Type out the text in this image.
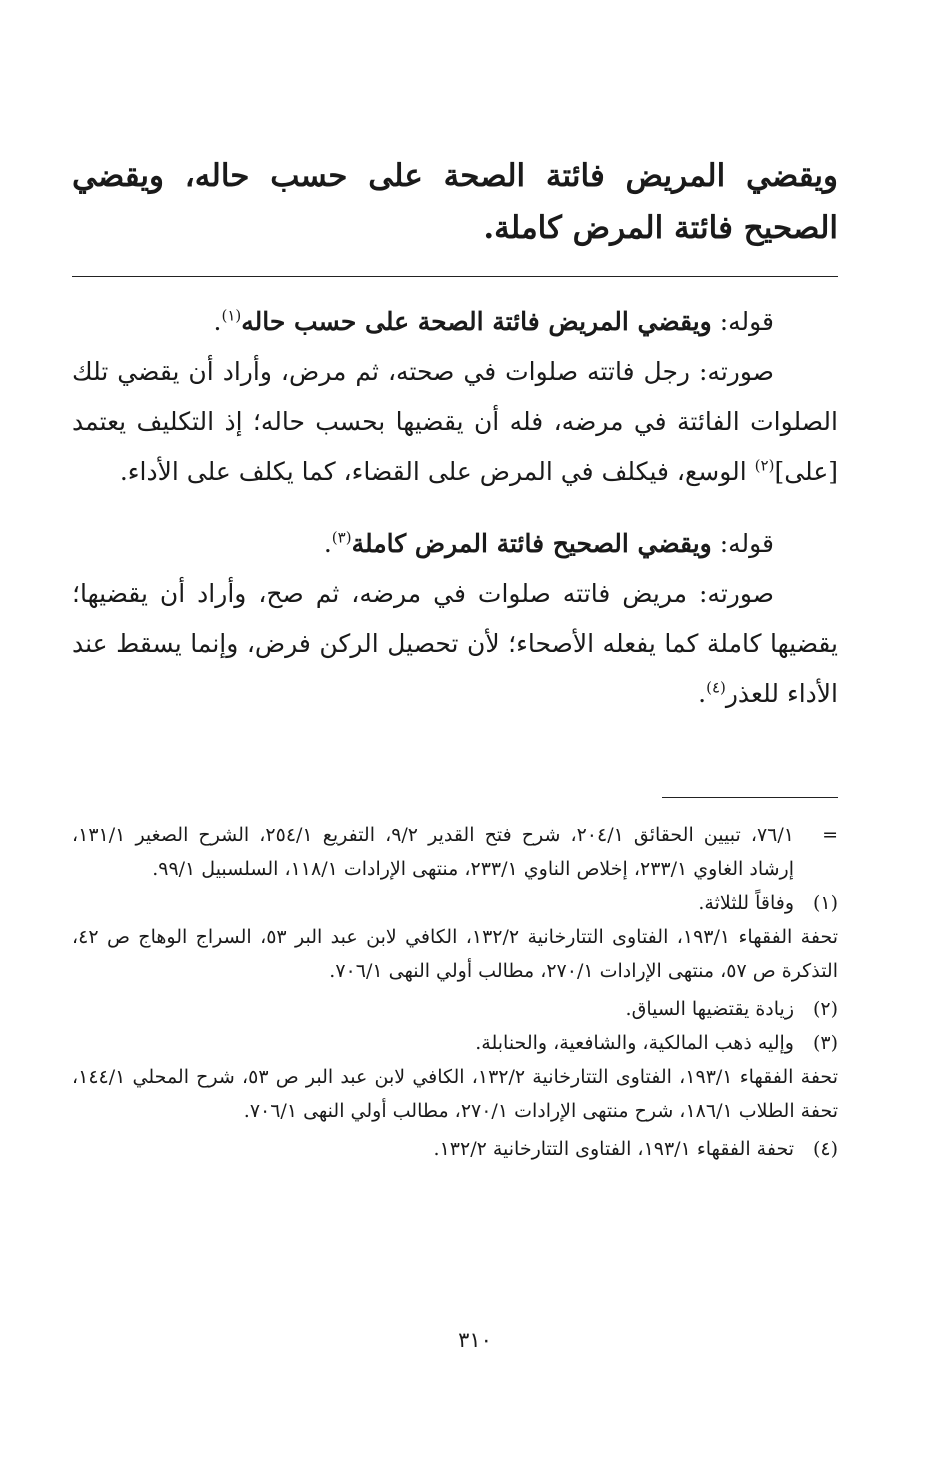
ويقضي المريض فائتة الصحة على حسب حاله، ويقضي الصحيح فائتة المرض كاملة.

قوله: ويقضي المريض فائتة الصحة على حسب حاله$^{(١)}$.

صورته: رجل فاتته صلوات في صحته، ثم مرض، وأراد أن يقضي تلك الصلوات الفائتة في مرضه، فله أن يقضيها بحسب حاله؛ إذ التكليف يعتمد [على]$^{(٢)}$ الوسع، فيكلف في المرض على القضاء، كما يكلف على الأداء.

قوله: ويقضي الصحيح فائتة المرض كاملة$^{(٣)}$.

صورته: مريض فاتته صلوات في مرضه، ثم صح، وأراد أن يقضيها؛ يقضيها كاملة كما يفعله الأصحاء؛ لأن تحصيل الركن فرض، وإنما يسقط عند الأداء للعذر$^{(٤)}$.

=
٧٦/١، تبيين الحقائق ٢٠٤/١، شرح فتح القدير ٩/٢، التفريع ٢٥٤/١، الشرح الصغير ١٣١/١، إرشاد الغاوي ٢٣٣/١، إخلاص الناوي ٢٣٣/١، منتهى الإرادات ١١٨/١، السلسبيل ٩٩/١.
(١)
وفاقاً للثلاثة.
تحفة الفقهاء ١٩٣/١، الفتاوى التتارخانية ١٣٢/٢، الكافي لابن عبد البر ٥٣، السراج الوهاج ص ٤٢، التذكرة ص ٥٧، منتهى الإرادات ٢٧٠/١، مطالب أولي النهى ٧٠٦/١.
(٢)
زيادة يقتضيها السياق.
(٣)
وإليه ذهب المالكية، والشافعية، والحنابلة.
تحفة الفقهاء ١٩٣/١، الفتاوى التتارخانية ١٣٢/٢، الكافي لابن عبد البر ص ٥٣، شرح المحلي ١٤٤/١، تحفة الطلاب ١٨٦/١، شرح منتهى الإرادات ٢٧٠/١، مطالب أولي النهى ٧٠٦/١.
(٤)
تحفة الفقهاء ١٩٣/١، الفتاوى التتارخانية ١٣٢/٢.
٣١٠
